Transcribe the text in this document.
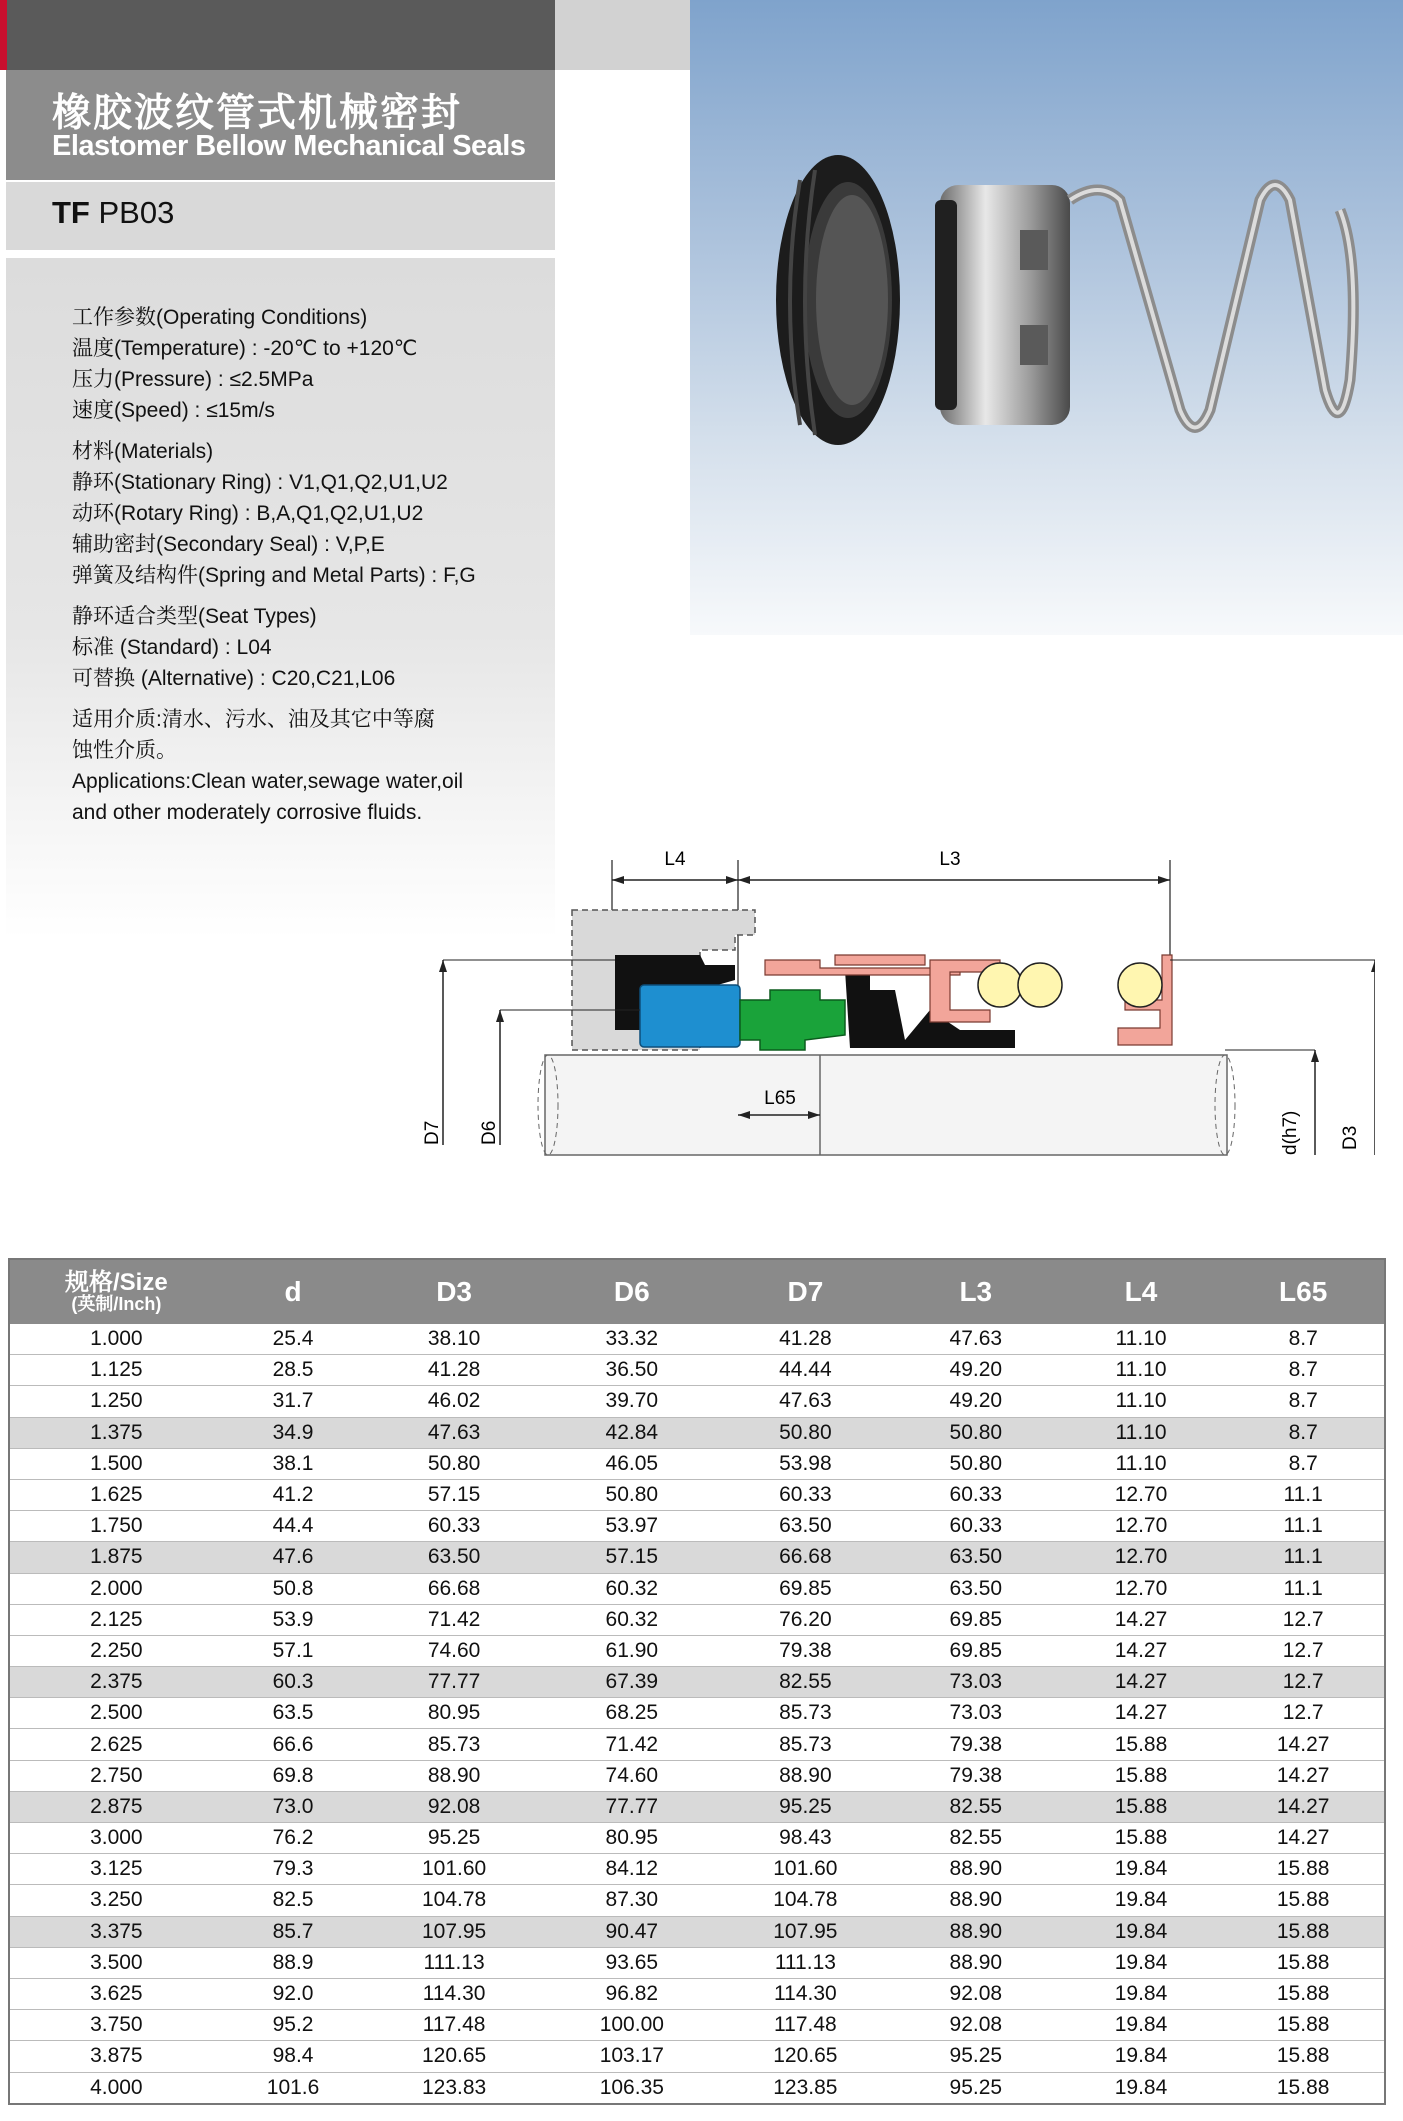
橡胶波纹管式机械密封
Elastomer Bellow Mechanical Seals
TF PB03
工作参数(Operating Conditions)
温度(Temperature) : -20℃ to +120℃
压力(Pressure) : ≤2.5MPa
速度(Speed) : ≤15m/s
材料(Materials)
静环(Stationary Ring) : V1,Q1,Q2,U1,U2
动环(Rotary Ring) : B,A,Q1,Q2,U1,U2
辅助密封(Secondary Seal) : V,P,E
弹簧及结构件(Spring and Metal Parts) : F,G
静环适合类型(Seat Types)
标准 (Standard) : L04
可替换 (Alternative) : C20,C21,L06
适用介质:清水、污水、油及其它中等腐
蚀性介质。
Applications:Clean water,sewage water,oil
and other moderately corrosive fluids.
L4	L3
L65
D7 D6	d(h7) D3
规格/Size
(英制/Inch)	d	D3	D6	D7	L3	L4	L65
1.000	25.4	38.10	33.32	41.28	47.63	11.10	8.7
1.125	28.5	41.28	36.50	44.44	49.20	11.10	8.7
1.250	31.7	46.02	39.70	47.63	49.20	11.10	8.7
1.375	34.9	47.63	42.84	50.80	50.80	11.10	8.7
1.500	38.1	50.80	46.05	53.98	50.80	11.10	8.7
1.625	41.2	57.15	50.80	60.33	60.33	12.70	11.1
1.750	44.4	60.33	53.97	63.50	60.33	12.70	11.1
1.875	47.6	63.50	57.15	66.68	63.50	12.70	11.1
2.000	50.8	66.68	60.32	69.85	63.50	12.70	11.1
2.125	53.9	71.42	60.32	76.20	69.85	14.27	12.7
2.250	57.1	74.60	61.90	79.38	69.85	14.27	12.7
2.375	60.3	77.77	67.39	82.55	73.03	14.27	12.7
2.500	63.5	80.95	68.25	85.73	73.03	14.27	12.7
2.625	66.6	85.73	71.42	85.73	79.38	15.88	14.27
2.750	69.8	88.90	74.60	88.90	79.38	15.88	14.27
2.875	73.0	92.08	77.77	95.25	82.55	15.88	14.27
3.000	76.2	95.25	80.95	98.43	82.55	15.88	14.27
3.125	79.3	101.60	84.12	101.60	88.90	19.84	15.88
3.250	82.5	104.78	87.30	104.78	88.90	19.84	15.88
3.375	85.7	107.95	90.47	107.95	88.90	19.84	15.88
3.500	88.9	111.13	93.65	111.13	88.90	19.84	15.88
3.625	92.0	114.30	96.82	114.30	92.08	19.84	15.88
3.750	95.2	117.48	100.00	117.48	92.08	19.84	15.88
3.875	98.4	120.65	103.17	120.65	95.25	19.84	15.88
4.000	101.6	123.83	106.35	123.85	95.25	19.84	15.88
